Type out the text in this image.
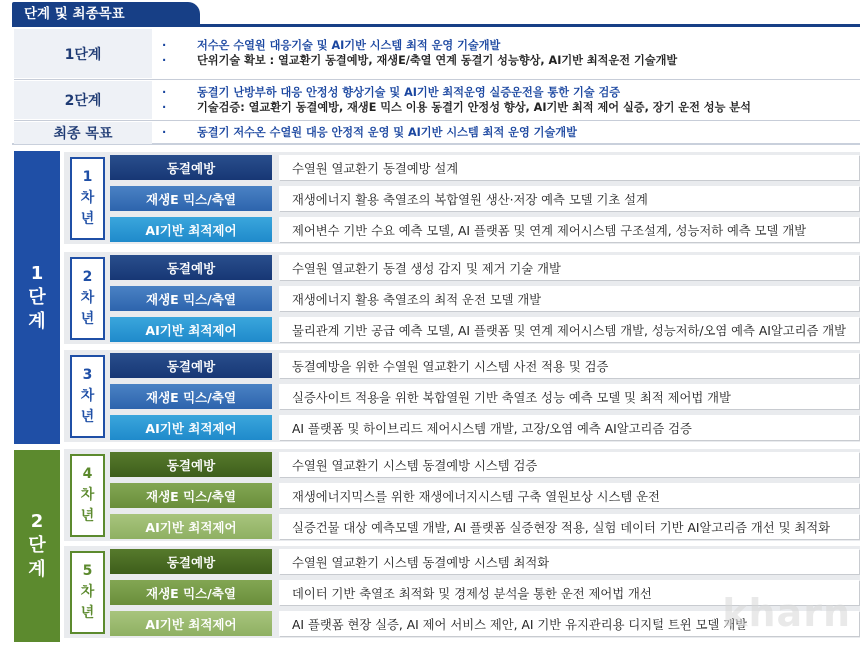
단계 및 최종목표
1단계
·	저수온 수열원 대응기술 및 AI기반 시스템 최적 운영 기술개발
·	단위기술 확보 : 열교환기 동결예방, 재생E/축열 연계 동결기 성능향상, AI기반 최적운전 기술개발
2단계
·	동결기 난방부하 대응 안정성 향상기술 및 AI기반 최적운영 실증운전을 통한 기술 검증
·	기술검증: 열교환기 동결예방, 재생E 믹스 이용 동결기 안정성 향상, AI기반 최적 제어 실증, 장기 운전 성능 분석
최종 목표	·	동결기 저수온 수열원 대응 안정적 운영 및 AI기반 시스템 최적 운영 기술개발
1
단
계
2
단
계
1
차
년
동결예방	수열원 열교환기 동결예방 설계
재생E 믹스/축열	재생에너지 활용 축열조의 복합열원 생산·저장 예측 모델 기초 설계
AI기반 최적제어	제어변수 기반 수요 예측 모델, AI 플랫폼 및 연계 제어시스템 구조설계, 성능저하 예측 모델 개발
2
차
년
동결예방	수열원 열교환기 동결 생성 감지 및 제거 기술 개발
재생E 믹스/축열	재생에너지 활용 축열조의 최적 운전 모델 개발
AI기반 최적제어	물리관계 기반 공급 예측 모델, AI 플랫폼 및 연계 제어시스템 개발, 성능저하/오염 예측 AI알고리즘 개발
3
차
년
동결예방	동결예방을 위한 수열원 열교환기 시스템 사전 적용 및 검증
재생E 믹스/축열	실증사이트 적용을 위한 복합열원 기반 축열조 성능 예측 모델 및 최적 제어법 개발
AI기반 최적제어	AI 플랫폼 및 하이브리드 제어시스템 개발, 고장/오염 예측 AI알고리즘 검증
4
차
년
동결예방	수열원 열교환기 시스템 동결예방 시스템 검증
재생E 믹스/축열	재생에너지믹스를 위한 재생에너지시스템 구축 열원보상 시스템 운전
AI기반 최적제어	실증건물 대상 예측모델 개발, AI 플랫폼 실증현장 적용, 실험 데이터 기반 AI알고리즘 개선 및 최적화
5
차
년
동결예방	수열원 열교환기 시스템 동결예방 시스템 최적화
재생E 믹스/축열	데이터 기반 축열조 최적화 및 경제성 분석을 통한 운전 제어법 개선
AI기반 최적제어	AI 플랫폼 현장 실증, AI 제어 서비스 제안, AI 기반 유지관리용 디지털 트윈 모델 개발
kharn
